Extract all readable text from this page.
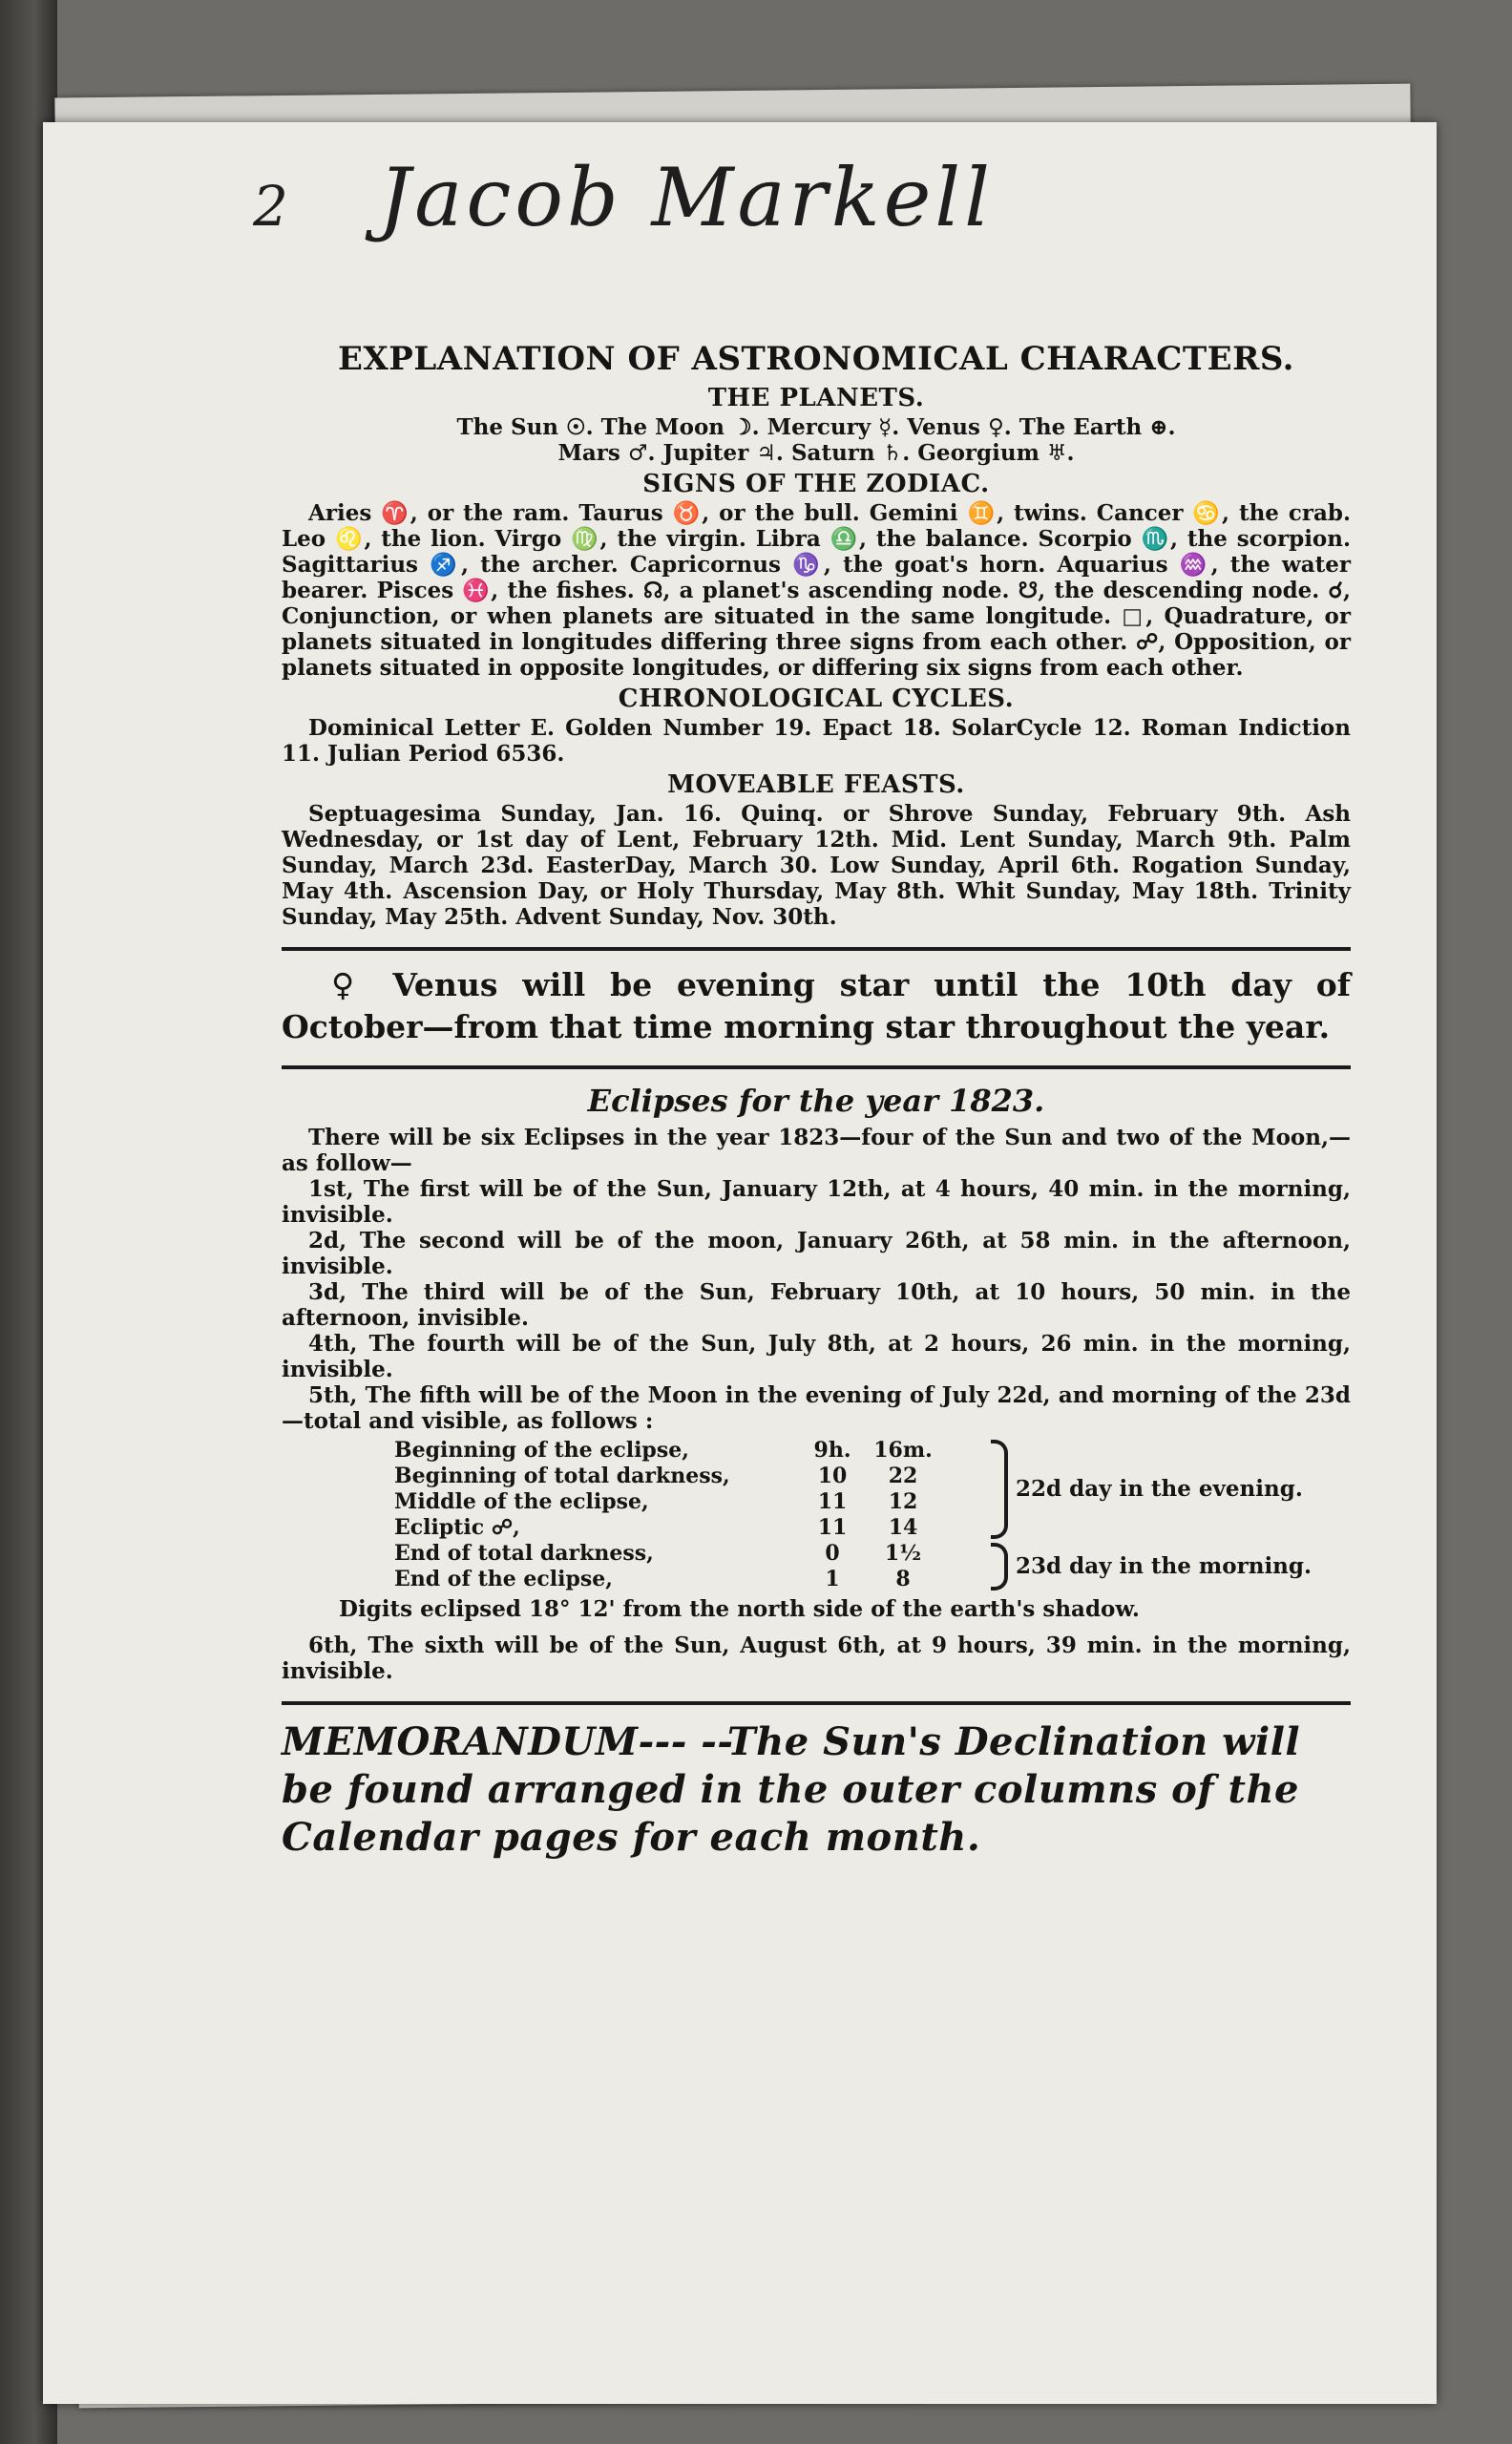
2 Jacob Markell
EXPLANATION OF ASTRONOMICAL CHARACTERS.
THE PLANETS.
The Sun ☉. The Moon ☽. Mercury ☿. Venus ♀. The Earth ⊕.
Mars ♂. Jupiter ♃. Saturn ♄. Georgium ♅.
SIGNS OF THE ZODIAC.
Aries ♈, or the ram. Taurus ♉, or the bull. Gemini ♊, twins. Cancer ♋, the crab. Leo ♌, the lion. Virgo ♍, the virgin. Libra ♎, the balance. Scorpio ♏, the scorpion. Sagittarius ♐, the archer. Capricornus ♑, the goat's horn. Aquarius ♒, the water bearer. Pisces ♓, the fishes. ☊, a planet's ascending node. ☋, the descending node. ☌, Conjunction, or when planets are situated in the same longitude. □, Quadrature, or planets situated in longitudes differing three signs from each other. ☍, Opposition, or planets situated in opposite longitudes, or differing six signs from each other.
CHRONOLOGICAL CYCLES.
Dominical Letter E. Golden Number 19. Epact 18. SolarCycle 12. Roman Indiction 11. Julian Period 6536.
MOVEABLE FEASTS.
Septuagesima Sunday, Jan. 16. Quinq. or Shrove Sunday, February 9th. Ash Wednesday, or 1st day of Lent, February 12th. Mid. Lent Sunday, March 9th. Palm Sunday, March 23d. EasterDay, March 30. Low Sunday, April 6th. Rogation Sunday, May 4th. Ascension Day, or Holy Thursday, May 8th. Whit Sunday, May 18th. Trinity Sunday, May 25th. Advent Sunday, Nov. 30th.
♀ Venus will be evening star until the 10th day of October—from that time morning star throughout the year.
Eclipses for the year 1823.
There will be six Eclipses in the year 1823—four of the Sun and two of the Moon,—as follow—
1st, The first will be of the Sun, January 12th, at 4 hours, 40 min. in the morning, invisible.
2d, The second will be of the moon, January 26th, at 58 min. in the afternoon, invisible.
3d, The third will be of the Sun, February 10th, at 10 hours, 50 min. in the afternoon, invisible.
4th, The fourth will be of the Sun, July 8th, at 2 hours, 26 min. in the morning, invisible.
5th, The fifth will be of the Moon in the evening of July 22d, and morning of the 23d—total and visible, as follows :
Beginning of the eclipse,	9h.	16m.
Beginning of total darkness,	10	22
Middle of the eclipse,	11	12
Ecliptic ☍,	11	14
End of total darkness,	0	1½
End of the eclipse,	1	8
22d day in the evening.
23d day in the morning.
Digits eclipsed 18° 12' from the north side of the earth's shadow.
6th, The sixth will be of the Sun, August 6th, at 9 hours, 39 min. in the morning, invisible.
MEMORANDUM--- --The Sun's Declination will be found arranged in the outer columns of the Calendar pages for each month.
